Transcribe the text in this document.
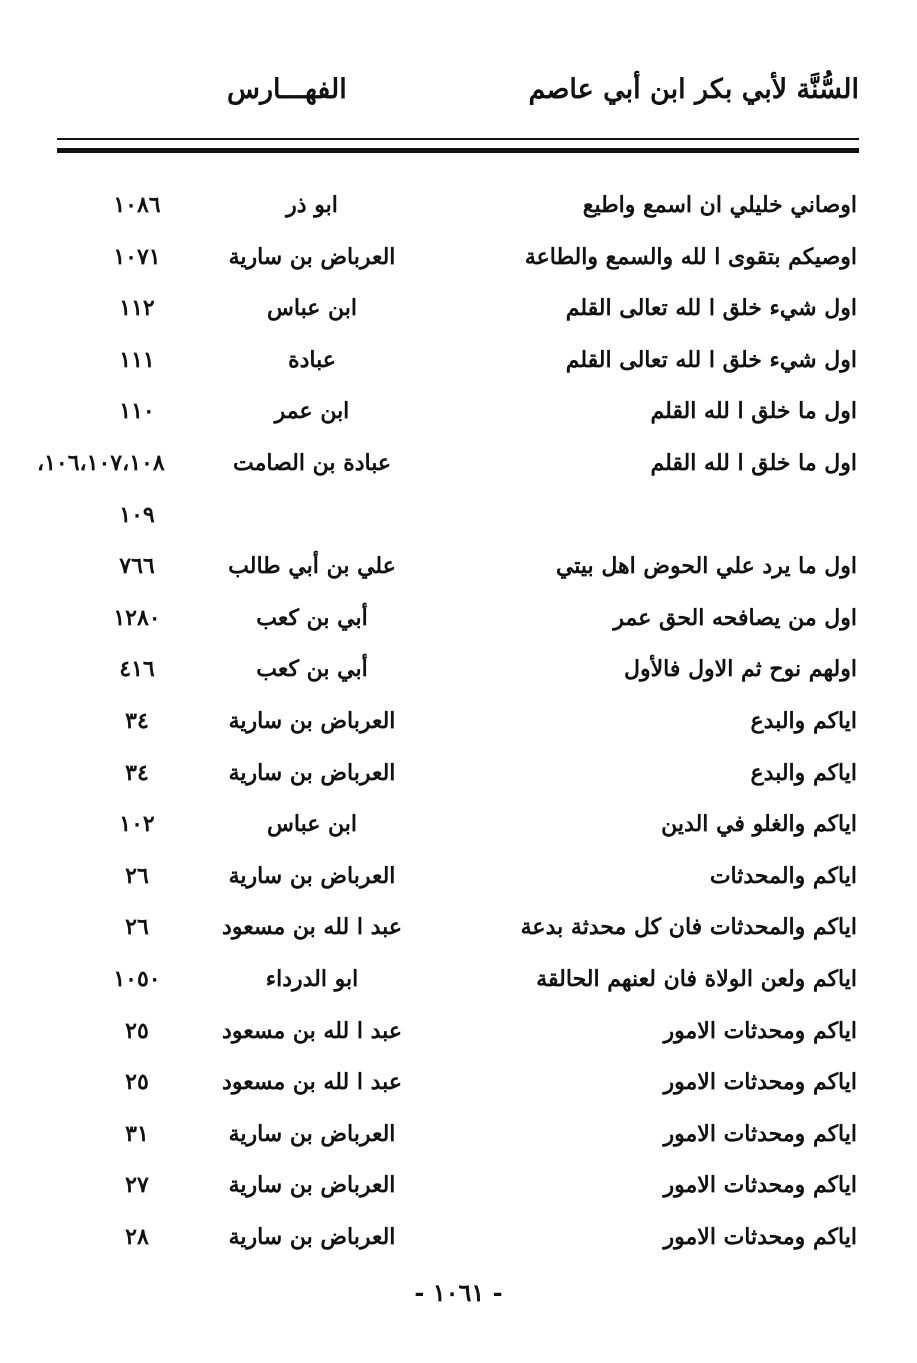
السُّنَّة لأبي بكر ابن أبي عاصم
الفهـــارس
اوصاني خليلي ان اسمع واطيع
ابو ذر
١٠٨٦
اوصيكم بتقوى ا لله والسمع والطاعة
العرباض بن سارية
١٠٧١
اول شيء خلق ا لله تعالى القلم
ابن عباس
١١٢
اول شيء خلق ا لله تعالى القلم
عبادة
١١١
اول ما خلق ا لله القلم
ابن عمر
١١٠
اول ما خلق ا لله القلم
عبادة بن الصامت
١٠٦،١٠٧،١٠٨،
١٠٩
اول ما يرد علي الحوض اهل بيتي
علي بن أبي طالب
٧٦٦
اول من يصافحه الحق عمر
أبي بن كعب
١٢٨٠
اولهم نوح ثم الاول فالأول
أبي بن كعب
٤١٦
اياكم والبدع
العرباض بن سارية
٣٤
اياكم والبدع
العرباض بن سارية
٣٤
اياكم والغلو في الدين
ابن عباس
١٠٢
اياكم والمحدثات
العرباض بن سارية
٢٦
اياكم والمحدثات فان كل محدثة بدعة
عبد ا لله بن مسعود
٢٦
اياكم ولعن الولاة فان لعنهم الحالقة
ابو الدرداء
١٠٥٠
اياكم ومحدثات الامور
عبد ا لله بن مسعود
٢٥
اياكم ومحدثات الامور
عبد ا لله بن مسعود
٢٥
اياكم ومحدثات الامور
العرباض بن سارية
٣١
اياكم ومحدثات الامور
العرباض بن سارية
٢٧
اياكم ومحدثات الامور
العرباض بن سارية
٢٨
- ١٠٦١ -
